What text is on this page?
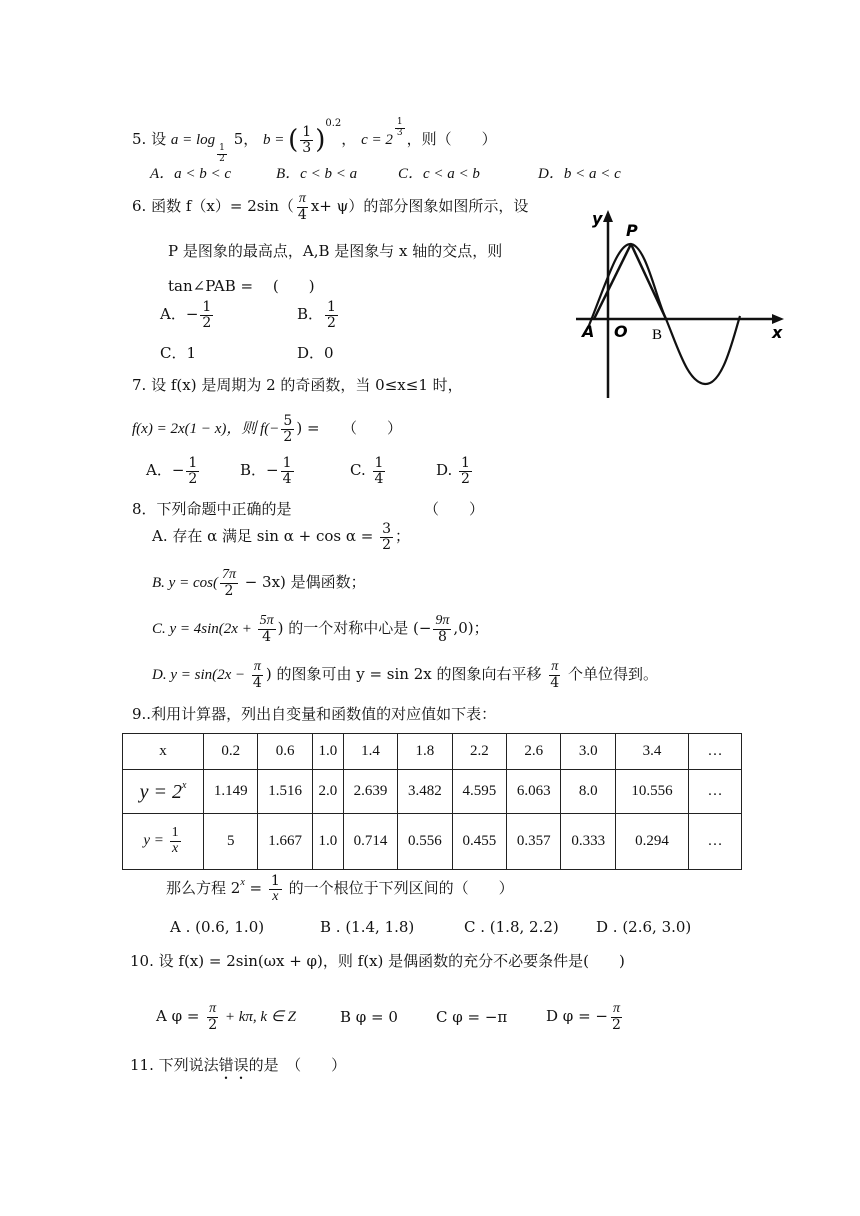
5. 设 a = log
$\frac{1}{2}$
5， b = ( $\frac{1}{3} )^{0.2}$， c = 2
$\frac{1}{3}$
，则（　　）
A．a < b < c	B．c < b < a	C．c < a < b	D．b < a < c
6. 函数 $f(x)= 2\sin( \frac{\pi}{4} x+ \psi)$的部分图象如图所示，设
P 是图象的最高点，A,B 是图象与 x 轴的交点，则
tan∠PAB =　 (　　)
A．− $\frac{1}{2}$	B． $\frac{1}{2}$
C．1	D．0
y
P
A O B	x
7. 设 f(x) 是周期为 2 的奇函数，当 0≤x≤1 时，
f(x) = 2x(1 − x)，则 $f(- \frac{5}{2}$ ) =　　（　　）
A．− $\frac{1}{2}$	B．− $\frac{1}{4}$	C. $\frac{1}{4}$	D. $\frac{1}{2}$
8．下列命题中正确的是	（　　）
A. 存在 α 满足 $\sin \alpha + \cos \alpha = \frac{3}{2}$ ；
B. $y = \cos( \frac{7\pi}{2} - 3x)$ 是偶函数；
C. $y = 4\sin(2x + \frac{5\pi}{4}$ ) 的一个对称中心是 (− $\frac{9\pi}{8} ,0$)；
D. $y = \sin(2x - \frac{\pi}{4}$ ) 的图象可由 y = sin 2x 的图象向右平移 $\frac{\pi}{4}$ 个单位得到。
9..利用计算器，列出自变量和函数值的对应值如下表：
x	0.2	0.6	1.0	1.4	1.8	2.2	2.6	3.0	3.4	…
$y = 2^x$	1.149	1.516	2.0	2.639	3.482	4.595	6.063	8.0	10.556	…
$y = \frac{1}{x}$	5	1.667	1.0	0.714	0.556	0.455	0.357	0.333	0.294	…
那么方程 $2^x = \frac{1}{x}$ 的一个根位于下列区间的（　　）
A . (0.6, 1.0)	B . (1.4, 1.8)	C . (1.8, 2.2) D . (2.6, 3.0)
10. 设 f(x) = 2sin(ωx + φ)，则 f(x) 是偶函数的充分不必要条件是(　　)
A $\varphi = \frac{\pi}{2} + k\pi$, k ∈ Z	B φ = 0	C φ = −π	D φ = − $\frac{\pi}{2}$
11. 下列说法错误的是　（　　）
